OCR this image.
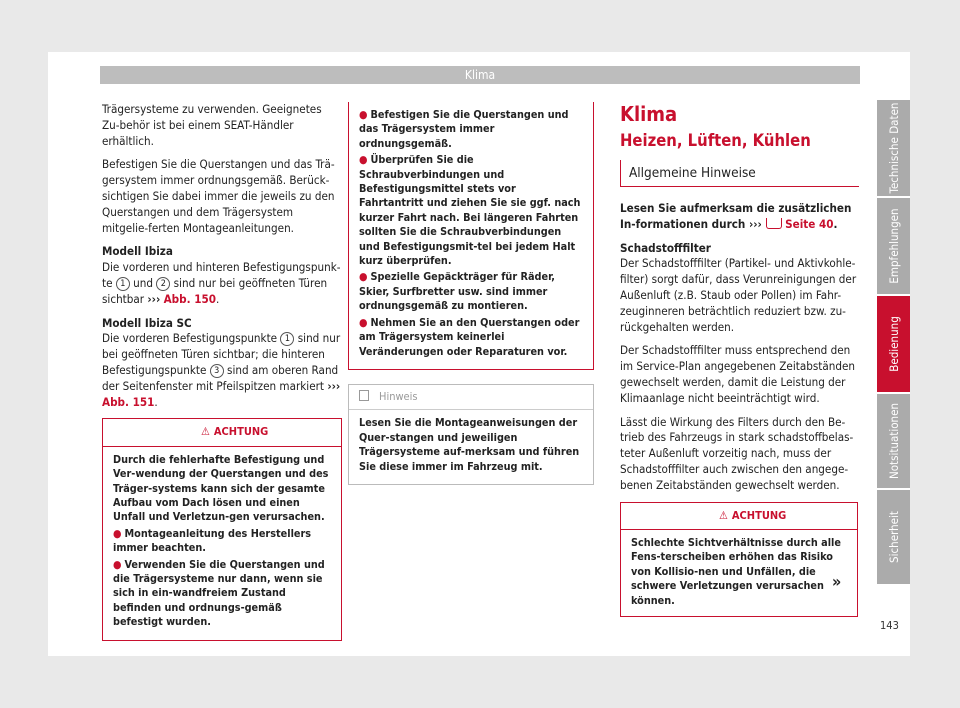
Klima

Trägersysteme zu verwenden. Geeignetes Zu-behör ist bei einem SEAT-Händler erhältlich.

Befestigen Sie die Querstangen und das Trä-gersystem immer ordnungsgemäß. Berück-sichtigen Sie dabei immer die jeweils zu den Querstangen und dem Trägersystem mitgelie-ferten Montageanleitungen.

Modell Ibiza

Die vorderen und hinteren Befestigungspunk-te 1 und 2 sind nur bei geöffneten Türen sichtbar ››› Abb. 150.

Modell Ibiza SC

Die vorderen Befestigungspunkte 1 sind nur bei geöffneten Türen sichtbar; die hinteren Befestigungspunkte 3 sind am oberen Rand der Seitenfenster mit Pfeilspitzen markiert ››› Abb. 151.

⚠ ACHTUNG
Durch die fehlerhafte Befestigung und Ver-wendung der Querstangen und des Träger-systems kann sich der gesamte Aufbau vom Dach lösen und einen Unfall und Verletzun-gen verursachen.
● Montageanleitung des Herstellers immer beachten.
● Verwenden Sie die Querstangen und die Trägersysteme nur dann, wenn sie sich in ein-wandfreiem Zustand befinden und ordnungs-gemäß befestigt wurden.
● Befestigen Sie die Querstangen und das Trägersystem immer ordnungsgemäß.
● Überprüfen Sie die Schraubverbindungen und Befestigungsmittel stets vor Fahrtantritt und ziehen Sie sie ggf. nach kurzer Fahrt nach. Bei längeren Fahrten sollten Sie die Schraubverbindungen und Befestigungsmit-tel bei jedem Halt kurz überprüfen.
● Spezielle Gepäckträger für Räder, Skier, Surfbretter usw. sind immer ordnungsgemäß zu montieren.
● Nehmen Sie an den Querstangen oder am Trägersystem keinerlei Veränderungen oder Reparaturen vor.
Hinweis
Lesen Sie die Montageanweisungen der Quer-stangen und jeweiligen Trägersysteme auf-merksam und führen Sie diese immer im Fahrzeug mit.
Klima
Heizen, Lüften, Kühlen
Allgemeine Hinweise

Lesen Sie aufmerksam die zusätzlichen In-formationen durch ››› Seite 40.

Schadstofffilter

Der Schadstofffilter (Partikel- und Aktivkohle-filter) sorgt dafür, dass Verunreinigungen der Außenluft (z.B. Staub oder Pollen) im Fahr-zeuginneren beträchtlich reduziert bzw. zu-rückgehalten werden.

Der Schadstofffilter muss entsprechend den im Service-Plan angegebenen Zeitabständen gewechselt werden, damit die Leistung der Klimaanlage nicht beeinträchtigt wird.

Lässt die Wirkung des Filters durch den Be-trieb des Fahrzeugs in stark schadstoffbelas-teter Außenluft vorzeitig nach, muss der Schadstofffilter auch zwischen den angege-benen Zeitabständen gewechselt werden.

⚠ ACHTUNG
Schlechte Sichtverhältnisse durch alle Fens-terscheiben erhöhen das Risiko von Kollisio-nen und Unfällen, die schwere Verletzungen verursachen können.
»
Technische Daten
Empfehlungen
Bedienung
Notsituationen
Sicherheit
143
